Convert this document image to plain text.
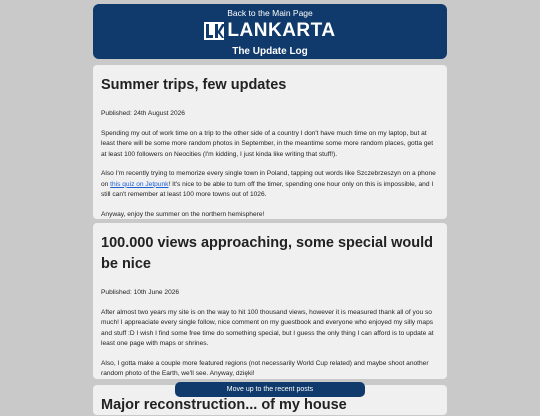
Back to the Main Page
LANKARTA
The Update Log
Summer trips, few updates

Published: 24th August 2026

Spending my out of work time on a trip to the other side of a country I don't have much time on my laptop, but at least there will be some more random photos in September, in the meantime some more random places, gotta get at least 100 followers on Neocities (I'm kidding, I just kinda like writing that stuff!).

Also I'm recently trying to memorize every single town in Poland, tapping out words like Szczebrzeszyn on a phone on this quiz on Jetpunk! It's nice to be able to turn off the timer, spending one hour only on this is impossible, and I still can't remember at least 100 more towns out of 1026.

Anyway, enjoy the summer on the northern hemisphere!

100.000 views approaching, some special would be nice

Published: 10th June 2026

After almost two years my site is on the way to hit 100 thousand views, however it is measured thank all of you so much! I appreaciate every single follow, nice comment on my guestbook and everyone who enjoyed my silly maps and stuff :D I wish I find some free time do something special, but I guess the only thing I can afford is to update at least one page with maps or shrines.

Also, I gotta make a couple more featured regions (not necessarily World Cup related) and maybe shoot another random photo of the Earth, we'll see. Anyway, dzięki!

Major reconstruction... of my house
Move up to the recent posts
